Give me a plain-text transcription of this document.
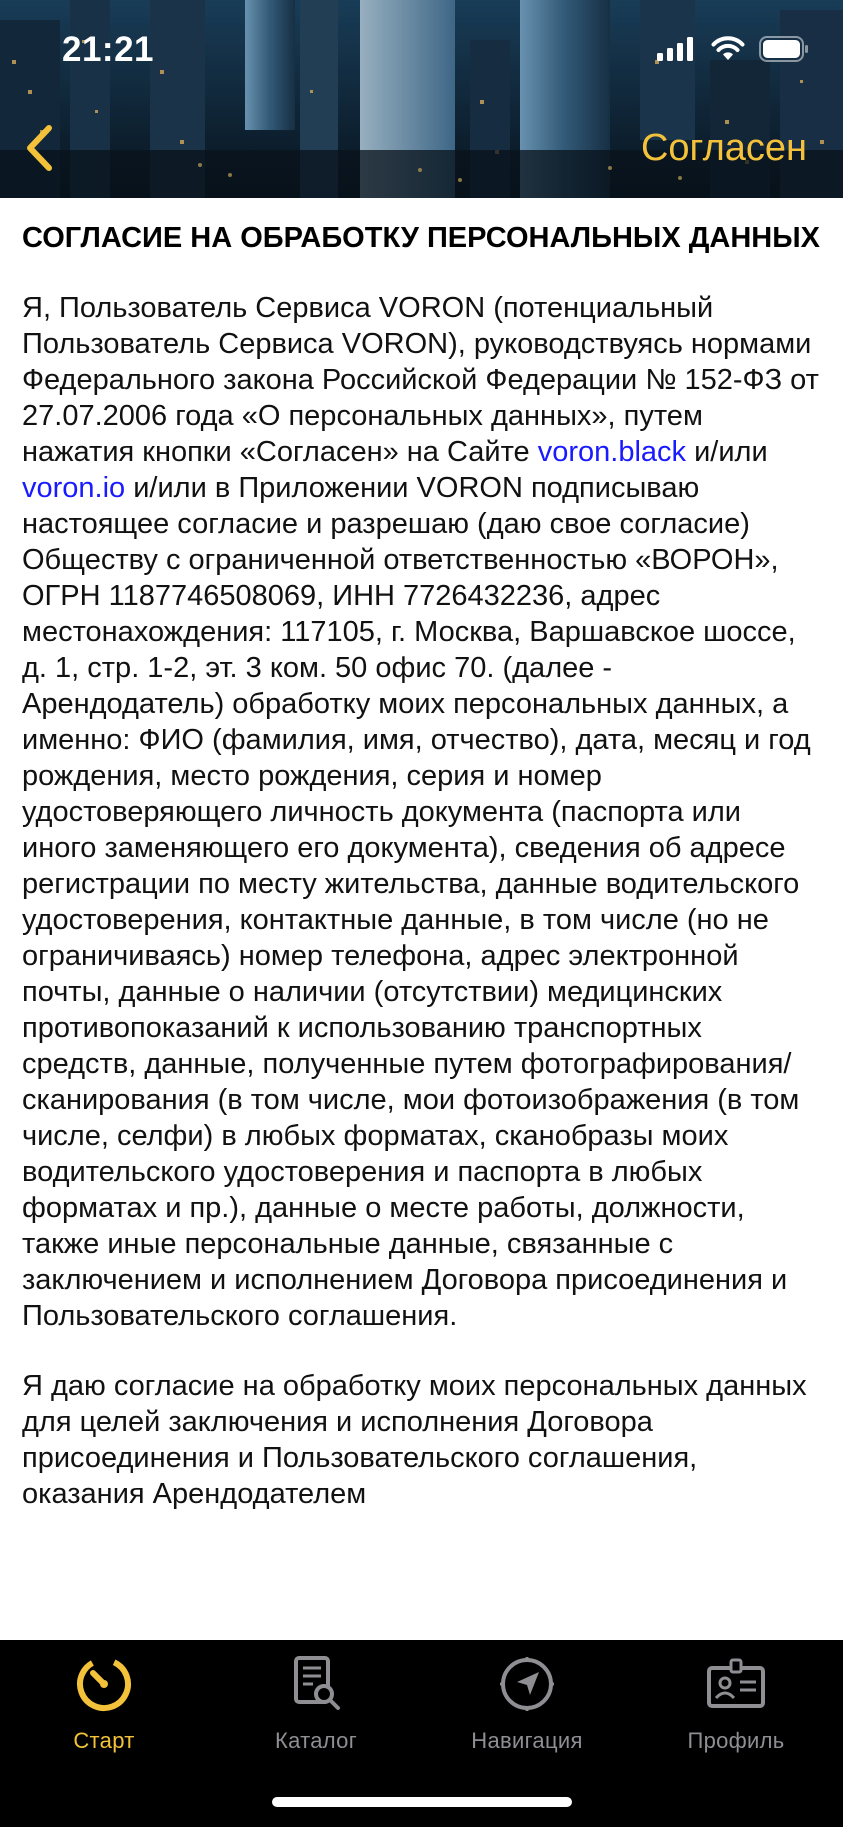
21:21
Согласен
СОГЛАСИЕ НА ОБРАБОТКУ ПЕРСОНАЛЬНЫХ ДАННЫХ
Я, Пользователь Сервиса VORON (потенциальный Пользователь Сервиса VORON), руководствуясь нормами Федерального закона Российской Федерации № 152-ФЗ от 27.07.2006 года «О персональных данных», путем нажатия кнопки «Согласен» на Сайте voron.black и/или voron.io и/или в Приложении VORON подписываю настоящее согласие и разрешаю (даю свое согласие) Обществу с ограниченной ответственностью «ВОРОН», ОГРН 1187746508069, ИНН 7726432236, адрес местонахождения: 117105, г. Москва, Варшавское шоссе, д. 1, стр. 1-2, эт. 3 ком. 50 офис 70. (далее - Арендодатель) обработку моих персональных данных, а именно: ФИО (фамилия, имя, отчество), дата, месяц и год рождения, место рождения, серия и номер удостоверяющего личность документа (паспорта или иного заменяющего его документа), сведения об адресе регистрации по месту жительства, данные водительского удостоверения, контактные данные, в том числе (но не ограничиваясь) номер телефона, адрес электронной почты, данные о наличии (отсутствии) медицинских противопоказаний к использованию транспортных средств, данные, полученные путем фотографирования/сканирования (в том числе, мои фотоизображения (в том числе, селфи) в любых форматах, сканобразы моих водительского удостоверения и паспорта в любых форматах и пр.), данные о месте работы, должности, также иные персональные данные, связанные с заключением и исполнением Договора присоединения и Пользовательского соглашения.
Я даю согласие на обработку моих персональных данных для целей заключения и исполнения Договора присоединения и Пользовательского соглашения, оказания Арендодателем
Старт	Каталог	Навигация	Профиль
